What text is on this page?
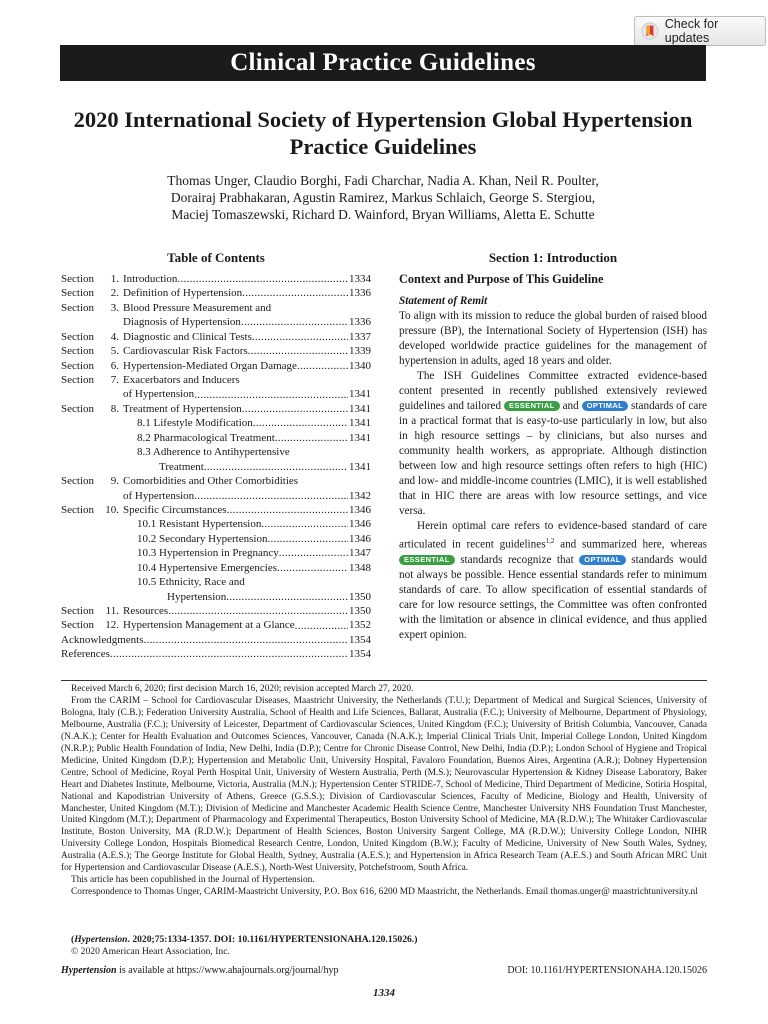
Check for updates
Clinical Practice Guidelines
2020 International Society of Hypertension Global Hypertension Practice Guidelines
Thomas Unger, Claudio Borghi, Fadi Charchar, Nadia A. Khan, Neil R. Poulter,
Dorairaj Prabhakaran, Agustin Ramirez, Markus Schlaich, George S. Stergiou,
Maciej Tomaszewski, Richard D. Wainford, Bryan Williams, Aletta E. Schutte
Table of Contents
Section	1. Introduction .....	1334
Section	2. Definition of Hypertension .....	1336
Section	3. Blood Pressure Measurement and
Diagnosis of Hypertension .....	1336
Section	4. Diagnostic and Clinical Tests .....	1337
Section	5. Cardiovascular Risk Factors .....	1339
Section	6. Hypertension-Mediated Organ Damage .....	1340
Section	7. Exacerbators and Inducers
of Hypertension .....	1341
Section	8. Treatment of Hypertension .....	1341
8.1 Lifestyle Modification .....	1341
8.2 Pharmacological Treatment .....	1341
8.3 Adherence to Antihypertensive
Treatment .....	1341
Section	9. Comorbidities and Other Comorbidities
of Hypertension .....	1342
Section	10. Specific Circumstances .....	1346
10.1 Resistant Hypertension .....	1346
10.2 Secondary Hypertension .....	1346
10.3 Hypertension in Pregnancy .....	1347
10.4 Hypertensive Emergencies .....	1348
10.5 Ethnicity, Race and
Hypertension .....	1350
Section	11. Resources .....	1350
Section	12. Hypertension Management at a Glance .....	1352
Acknowledgments .....	1354
References .....	1354
Section 1: Introduction
Context and Purpose of This Guideline
Statement of Remit

To align with its mission to reduce the global burden of raised blood pressure (BP), the International Society of Hypertension (ISH) has developed worldwide practice guidelines for the management of hypertension in adults, aged 18 years and older.

The ISH Guidelines Committee extracted evidence-based content presented in recently published extensively reviewed guidelines and tailored ESSENTIAL and OPTIMAL standards of care in a practical format that is easy-to-use particularly in low, but also in high resource settings – by clinicians, but also nurses and community health workers, as appropriate. Although distinction between low and high resource settings often refers to high (HIC) and low- and middle-income countries (LMIC), it is well established that in HIC there are areas with low resource settings, and vice versa.

Herein optimal care refers to evidence-based standard of care articulated in recent guidelines$^{1,2}$ and summarized here, whereas ESSENTIAL standards recognize that OPTIMAL standards would not always be possible. Hence essential standards refer to minimum standards of care. To allow specification of essential standards of care for low resource settings, the Committee was often confronted with the limitation or absence in clinical evidence, and thus applied expert opinion.

Received March 6, 2020; first decision March 16, 2020; revision accepted March 27, 2020.

From the CARIM – School for Cardiovascular Diseases, Maastricht University, the Netherlands (T.U.); Department of Medical and Surgical Sciences, University of Bologna, Italy (C.B.); Federation University Australia, School of Health and Life Sciences, Ballarat, Australia (F.C.); University of Melbourne, Department of Physiology, Melbourne, Australia (F.C.); University of Leicester, Department of Cardiovascular Sciences, United Kingdom (F.C.); University of British Columbia, Vancouver, Canada (N.A.K.); Center for Health Evaluation and Outcomes Sciences, Vancouver, Canada (N.A.K.); Imperial Clinical Trials Unit, Imperial College London, United Kingdom (N.R.P.); Public Health Foundation of India, New Delhi, India (D.P.); Centre for Chronic Disease Control, New Delhi, India (D.P.); London School of Hygiene and Tropical Medicine, United Kingdom (D.P.); Hypertension and Metabolic Unit, University Hospital, Favaloro Foundation, Buenos Aires, Argentina (A.R.); Dobney Hypertension Centre, School of Medicine, Royal Perth Hospital Unit, University of Western Australia, Perth (M.S.); Neurovascular Hypertension & Kidney Disease Laboratory, Baker Heart and Diabetes Institute, Melbourne, Victoria, Australia (M.N.); Hypertension Center STRIDE-7, School of Medicine, Third Department of Medicine, Sotiria Hospital, National and Kapodistrian University of Athens, Greece (G.S.S.); Division of Cardiovascular Sciences, Faculty of Medicine, Biology and Health, University of Manchester, United Kingdom (M.T.); Division of Medicine and Manchester Academic Health Science Centre, Manchester University NHS Foundation Trust Manchester, United Kingdom (M.T.); Department of Pharmacology and Experimental Therapeutics, Boston University School of Medicine, MA (R.D.W.); The Whitaker Cardiovascular Institute, Boston University, MA (R.D.W.); Department of Health Sciences, Boston University Sargent College, MA (R.D.W.); University College London, NIHR University College London, Hospitals Biomedical Research Centre, London, United Kingdom (B.W.); Faculty of Medicine, University of New South Wales, Sydney, Australia (A.E.S.); The George Institute for Global Health, Sydney, Australia (A.E.S.); and Hypertension in Africa Research Team (A.E.S.) and South African MRC Unit for Hypertension and Cardiovascular Disease (A.E.S.), North-West University, Potchefstroom, South Africa.

This article has been copublished in the Journal of Hypertension.

Correspondence to Thomas Unger, CARIM-Maastricht University, P.O. Box 616, 6200 MD Maastricht, the Netherlands. Email thomas.unger@ maastrichtuniversity.nl

(Hypertension. 2020;75:1334-1357. DOI: 10.1161/HYPERTENSIONAHA.120.15026.)

© 2020 American Heart Association, Inc.

Hypertension is available at https://www.ahajournals.org/journal/hyp	DOI: 10.1161/HYPERTENSIONAHA.120.15026
1334
